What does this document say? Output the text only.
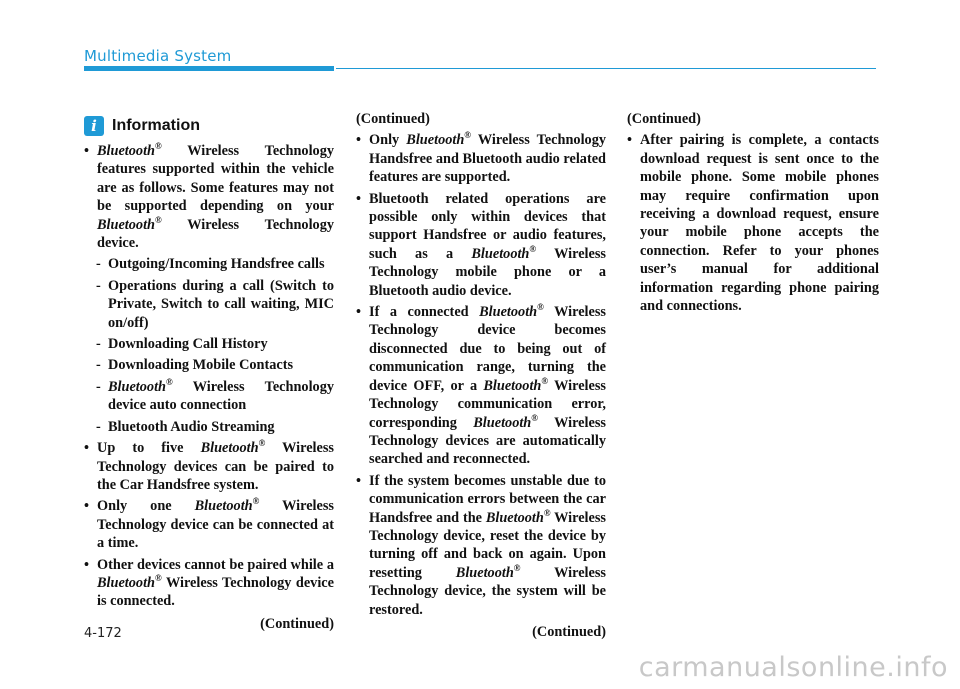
Multimedia System
i Information
• Bluetooth® Wireless Technology features supported within the vehicle are as follows. Some features may not be supported depending on your Bluetooth® Wireless Technology device.
- Outgoing/Incoming Handsfree calls
- Operations during a call (Switch to Private, Switch to call waiting, MIC on/off)
- Downloading Call History
- Downloading Mobile Contacts
- Bluetooth® Wireless Technology device auto connection
- Bluetooth Audio Streaming
• Up to five Bluetooth® Wireless Technology devices can be paired to the Car Handsfree system.
• Only one Bluetooth® Wireless Technology device can be connected at a time.
• Other devices cannot be paired while a Bluetooth® Wireless Technology device is connected.
(Continued)
(Continued)
• Only Bluetooth® Wireless Technology Handsfree and Bluetooth audio related features are supported.
• Bluetooth related operations are possible only within devices that support Handsfree or audio features, such as a Bluetooth® Wireless Technology mobile phone or a Bluetooth audio device.
• If a connected Bluetooth® Wireless Technology device becomes disconnected due to being out of communication range, turning the device OFF, or a Bluetooth® Wireless Technology communication error, corresponding Bluetooth® Wireless Technology devices are automatically searched and reconnected.
• If the system becomes unstable due to communication errors between the car Handsfree and the Bluetooth® Wireless Technology device, reset the device by turning off and back on again. Upon resetting Bluetooth® Wireless Technology device, the system will be restored.
(Continued)
(Continued)
• After pairing is complete, a contacts download request is sent once to the mobile phone. Some mobile phones may require confirmation upon receiving a download request, ensure your mobile phone accepts the connection. Refer to your phones user’s manual for additional information regarding phone pairing and connections.
4-172
carmanualsonline.info
